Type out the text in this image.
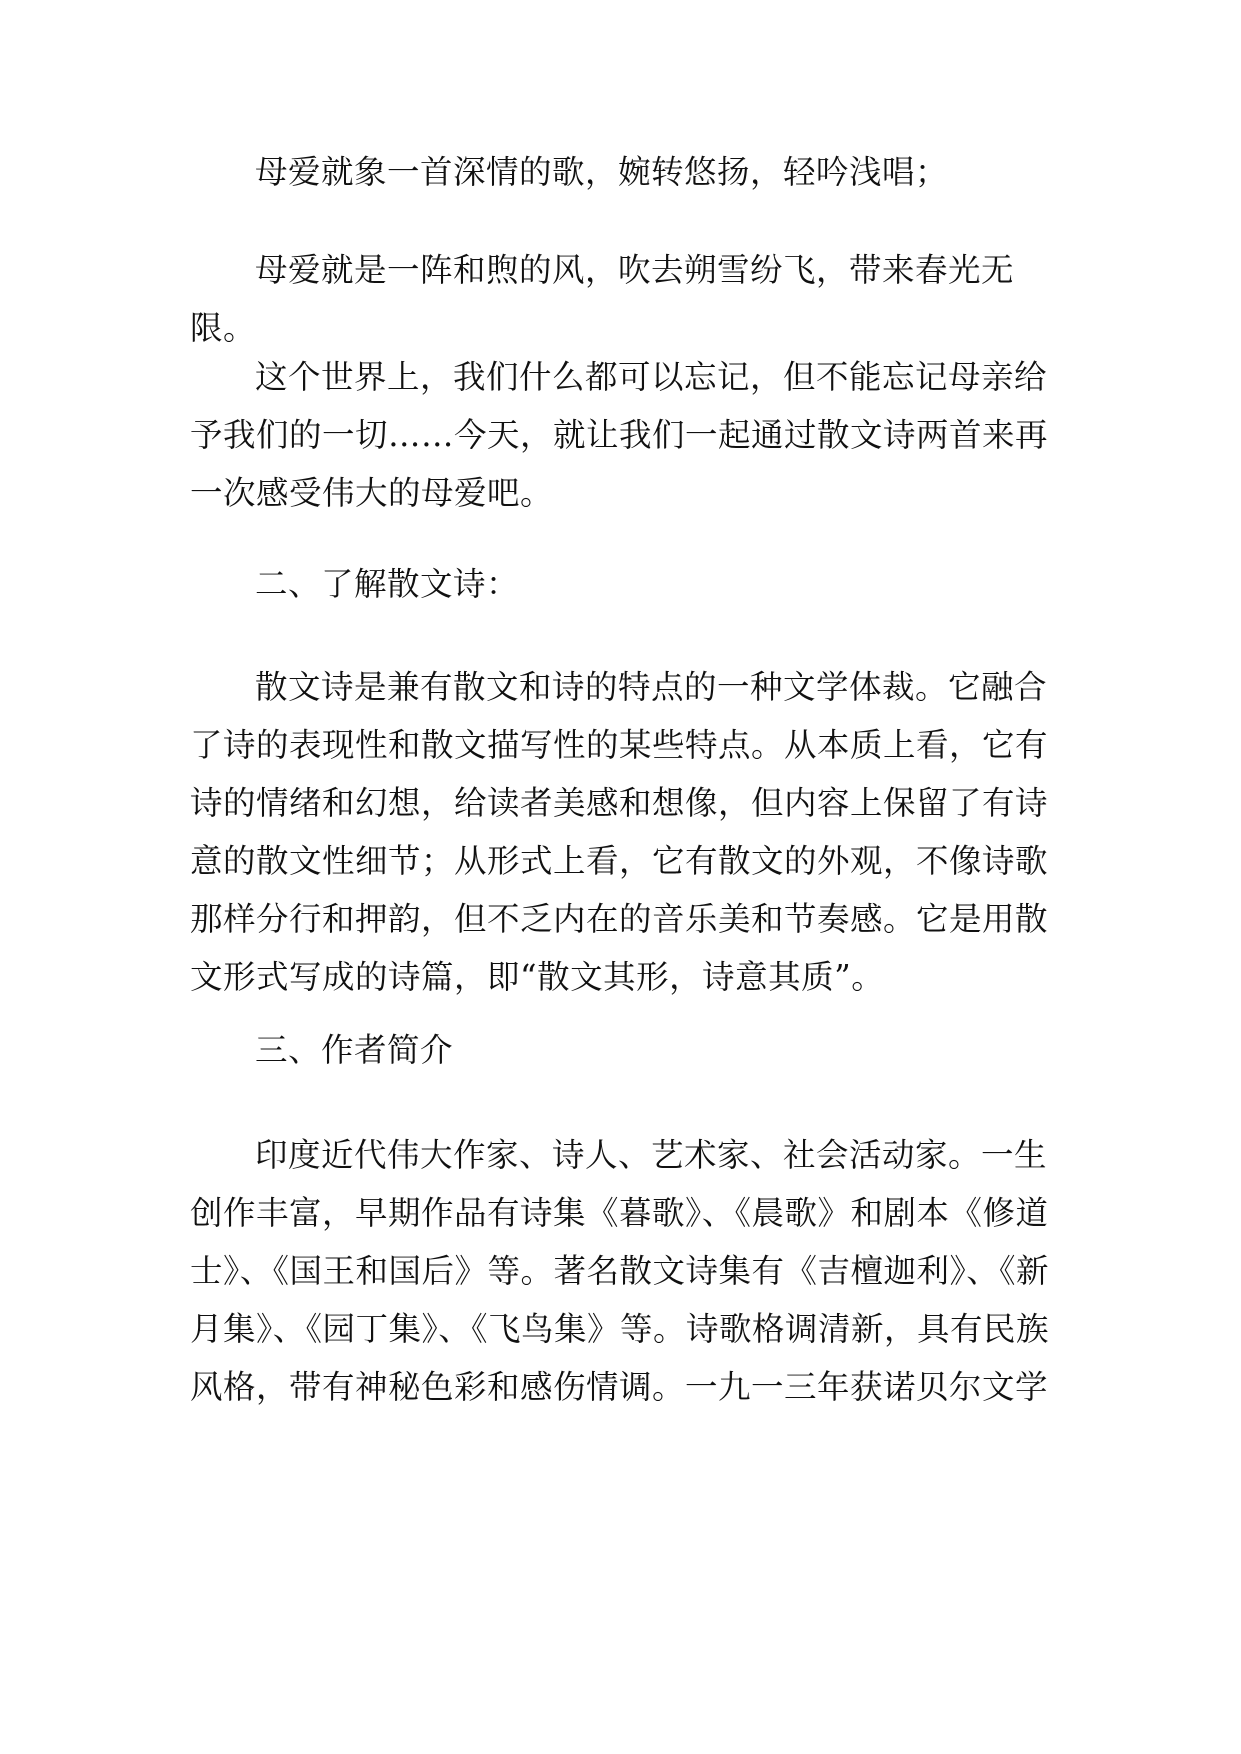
母爱就象一首深情的歌，婉转悠扬，轻吟浅唱；

母爱就是一阵和煦的风，吹去朔雪纷飞，带来春光无限。

这个世界上，我们什么都可以忘记，但不能忘记母亲给予我们的一切……今天，就让我们一起通过散文诗两首来再一次感受伟大的母爱吧。

二、了解散文诗：

散文诗是兼有散文和诗的特点的一种文学体裁。它融合了诗的表现性和散文描写性的某些特点。从本质上看，它有诗的情绪和幻想，给读者美感和想像，但内容上保留了有诗意的散文性细节；从形式上看，它有散文的外观，不像诗歌那样分行和押韵，但不乏内在的音乐美和节奏感。它是用散文形式写成的诗篇，即“散文其形，诗意其质”。

三、作者简介

印度近代伟大作家、诗人、艺术家、社会活动家。一生创作丰富，早期作品有诗集《暮歌》、《晨歌》和剧本《修道士》、《国王和国后》等。著名散文诗集有《吉檀迦利》、《新月集》、《园丁集》、《飞鸟集》等。诗歌格调清新，具有民族风格，带有神秘色彩和感伤情调。一九一三年获诺贝尔文学
